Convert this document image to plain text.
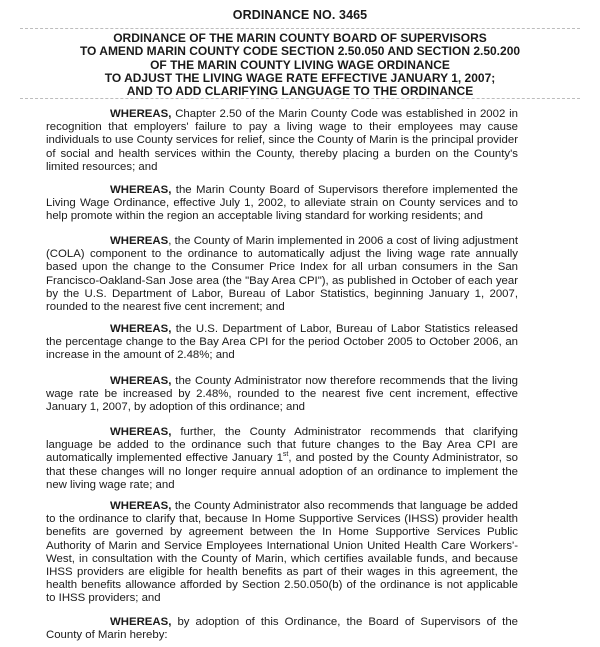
ORDINANCE NO. 3465
ORDINANCE OF THE MARIN COUNTY BOARD OF SUPERVISORS
TO AMEND MARIN COUNTY CODE SECTION 2.50.050 AND SECTION 2.50.200
OF THE MARIN COUNTY LIVING WAGE ORDINANCE
TO ADJUST THE LIVING WAGE RATE EFFECTIVE JANUARY 1, 2007;
AND TO ADD CLARIFYING LANGUAGE TO THE ORDINANCE

WHEREAS, Chapter 2.50 of the Marin County Code was established in 2002 in recognition that employers' failure to pay a living wage to their employees may cause individuals to use County services for relief, since the County of Marin is the principal provider of social and health services within the County, thereby placing a burden on the County's limited resources; and

WHEREAS, the Marin County Board of Supervisors therefore implemented the Living Wage Ordinance, effective July 1, 2002, to alleviate strain on County services and to help promote within the region an acceptable living standard for working residents; and

WHEREAS, the County of Marin implemented in 2006 a cost of living adjustment (COLA) component to the ordinance to automatically adjust the living wage rate annually based upon the change to the Consumer Price Index for all urban consumers in the San Francisco-Oakland-San Jose area (the "Bay Area CPI"), as published in October of each year by the U.S. Department of Labor, Bureau of Labor Statistics, beginning January 1, 2007, rounded to the nearest five cent increment; and

WHEREAS, the U.S. Department of Labor, Bureau of Labor Statistics released the percentage change to the Bay Area CPI for the period October 2005 to October 2006, an increase in the amount of 2.48%; and

WHEREAS, the County Administrator now therefore recommends that the living wage rate be increased by 2.48%, rounded to the nearest five cent increment, effective January 1, 2007, by adoption of this ordinance; and

WHEREAS, further, the County Administrator recommends that clarifying language be added to the ordinance such that future changes to the Bay Area CPI are automatically implemented effective January 1st, and posted by the County Administrator, so that these changes will no longer require annual adoption of an ordinance to implement the new living wage rate; and

WHEREAS, the County Administrator also recommends that language be added to the ordinance to clarify that, because In Home Supportive Services (IHSS) provider health benefits are governed by agreement between the In Home Supportive Services Public Authority of Marin and Service Employees International Union United Health Care Workers'-West, in consultation with the County of Marin, which certifies available funds, and because IHSS providers are eligible for health benefits as part of their wages in this agreement, the health benefits allowance afforded by Section 2.50.050(b) of the ordinance is not applicable to IHSS providers; and

WHEREAS, by adoption of this Ordinance, the Board of Supervisors of the County of Marin hereby:
